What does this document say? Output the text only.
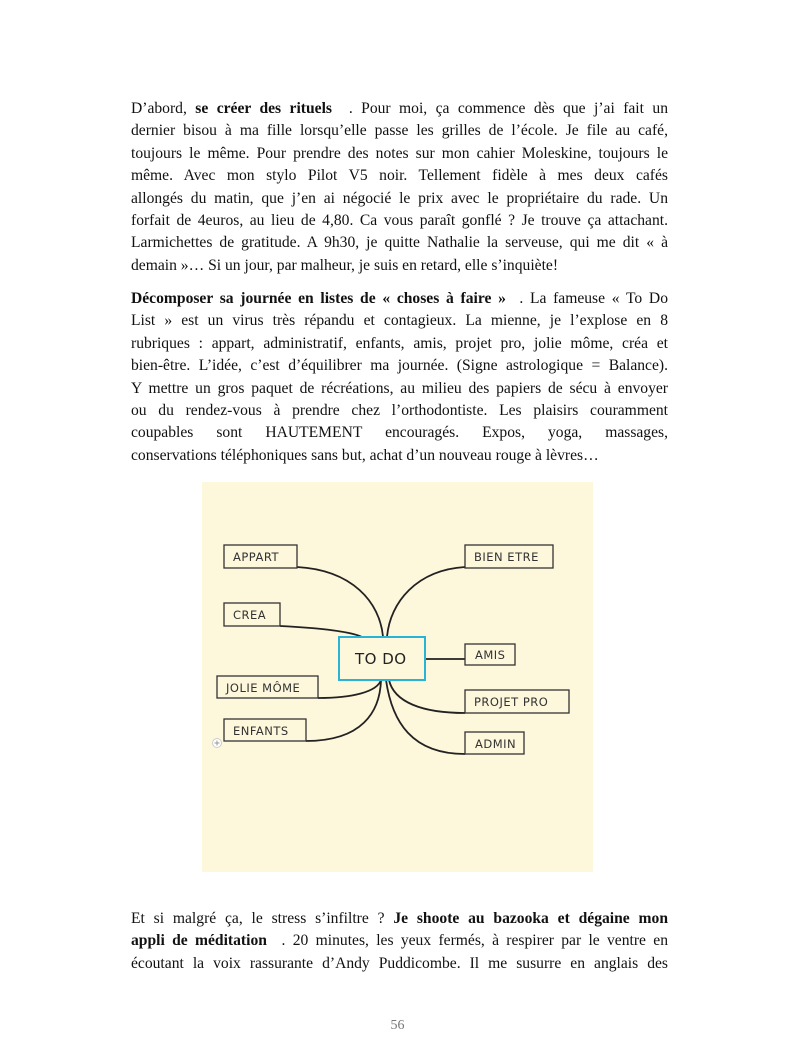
D’abord, se créer des rituels  . Pour moi, ça commence dès que j’ai fait un
dernier bisou à ma fille lorsqu’elle passe les grilles de l’école. Je file au café,
toujours le même. Pour prendre des notes sur mon cahier Moleskine, toujours le
même. Avec mon stylo Pilot V5 noir. Tellement fidèle à mes deux cafés
allongés du matin, que j’en ai négocié le prix avec le propriétaire du rade. Un
forfait de 4euros, au lieu de 4,80. Ca vous paraît gonflé ? Je trouve ça attachant.
Larmichettes de gratitude. A 9h30, je quitte Nathalie la serveuse, qui me dit « à
demain »… Si un jour, par malheur, je suis en retard, elle s’inquiète!
Décomposer sa journée en listes de « choses à faire »  . La fameuse « To Do
List » est un virus très répandu et contagieux. La mienne, je l’explose en 8
rubriques : appart, administratif, enfants, amis, projet pro, jolie môme, créa et
bien-être. L’idée, c’est d’équilibrer ma journée. (Signe astrologique = Balance).
Y mettre un gros paquet de récréations, au milieu des papiers de sécu à envoyer
ou du rendez-vous à prendre chez l’orthodontiste. Les plaisirs couramment
coupables sont HAUTEMENT encouragés. Expos, yoga, massages,
conservations téléphoniques sans but, achat d’un nouveau rouge à lèvres…
APPART	BIEN ETRE
CREA
TO DO	AMIS
JOLIE MÔME
PROJET PRO
ENFANTS
ADMIN
Et si malgré ça, le stress s’infiltre ? Je shoote au bazooka et dégaine mon
appli de méditation  . 20 minutes, les yeux fermés, à respirer par le ventre en
écoutant la voix rassurante d’Andy Puddicombe. Il me susurre en anglais des
56
